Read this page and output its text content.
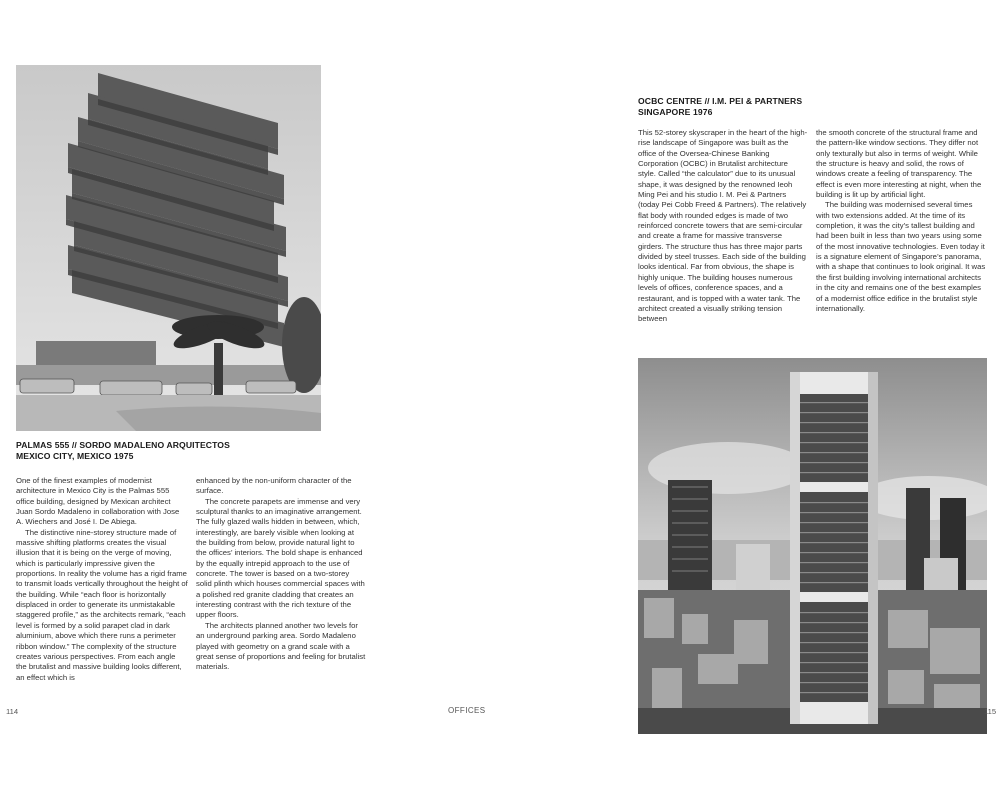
PALMAS 555 // SORDO MADALENO ARQUITECTOS
MEXICO CITY, MEXICO 1975

One of the finest examples of modernist architecture in Mexico City is the Palmas 555 office building, designed by Mexican architect Juan Sordo Madaleno in collaboration with Jose A. Wiechers and José I. De Abiega.

The distinctive nine-storey structure made of massive shifting platforms creates the visual illusion that it is being on the verge of moving, which is particularly impressive given the proportions. In reality the volume has a rigid frame to transmit loads vertically throughout the height of the building. While “each floor is horizontally displaced in order to generate its unmistakable staggered profile,” as the architects remark, “each level is formed by a solid parapet clad in dark aluminium, above which there runs a perimeter ribbon window.” The complexity of the structure creates various perspectives. From each angle the brutalist and massive building looks different, an effect which is

enhanced by the non-uniform character of the surface.

The concrete parapets are immense and very sculptural thanks to an imaginative arrangement. The fully glazed walls hidden in between, which, interestingly, are barely visible when looking at the building from below, provide natural light to the offices’ interiors. The bold shape is enhanced by the equally intrepid approach to the use of concrete. The tower is based on a two-storey solid plinth which houses commercial spaces with a polished red granite cladding that creates an interesting contrast with the rich texture of the upper floors.

The architects planned another two levels for an underground parking area. Sordo Madaleno played with geometry on a grand scale with a great sense of proportions and feeling for brutalist materials.

114	OFFICES
OCBC CENTRE // I.M. PEI & PARTNERS
SINGAPORE 1976

This 52-storey skyscraper in the heart of the high-rise landscape of Singapore was built as the office of the Oversea-Chinese Banking Corporation (OCBC) in Brutalist architecture style. Called “the calculator” due to its unusual shape, it was designed by the renowned Ieoh Ming Pei and his studio I. M. Pei & Partners (today Pei Cobb Freed & Partners). The relatively flat body with rounded edges is made of two reinforced concrete towers that are semi-circular and create a frame for massive transverse girders. The structure thus has three major parts divided by steel trusses. Each side of the building looks identical. Far from obvious, the shape is highly unique. The building houses numerous levels of offices, conference spaces, and a restaurant, and is topped with a water tank. The architect created a visually striking tension between

the smooth concrete of the structural frame and the pattern-like window sections. They differ not only texturally but also in terms of weight. While the structure is heavy and solid, the rows of windows create a feeling of transparency. The effect is even more interesting at night, when the building is lit up by artificial light.

The building was modernised several times with two extensions added. At the time of its completion, it was the city’s tallest building and had been built in less than two years using some of the most innovative technologies. Even today it is a signature element of Singapore’s panorama, with a shape that continues to look original. It was the first building involving international architects in the city and remains one of the best examples of a modernist office edifice in the brutalist style internationally.

115
